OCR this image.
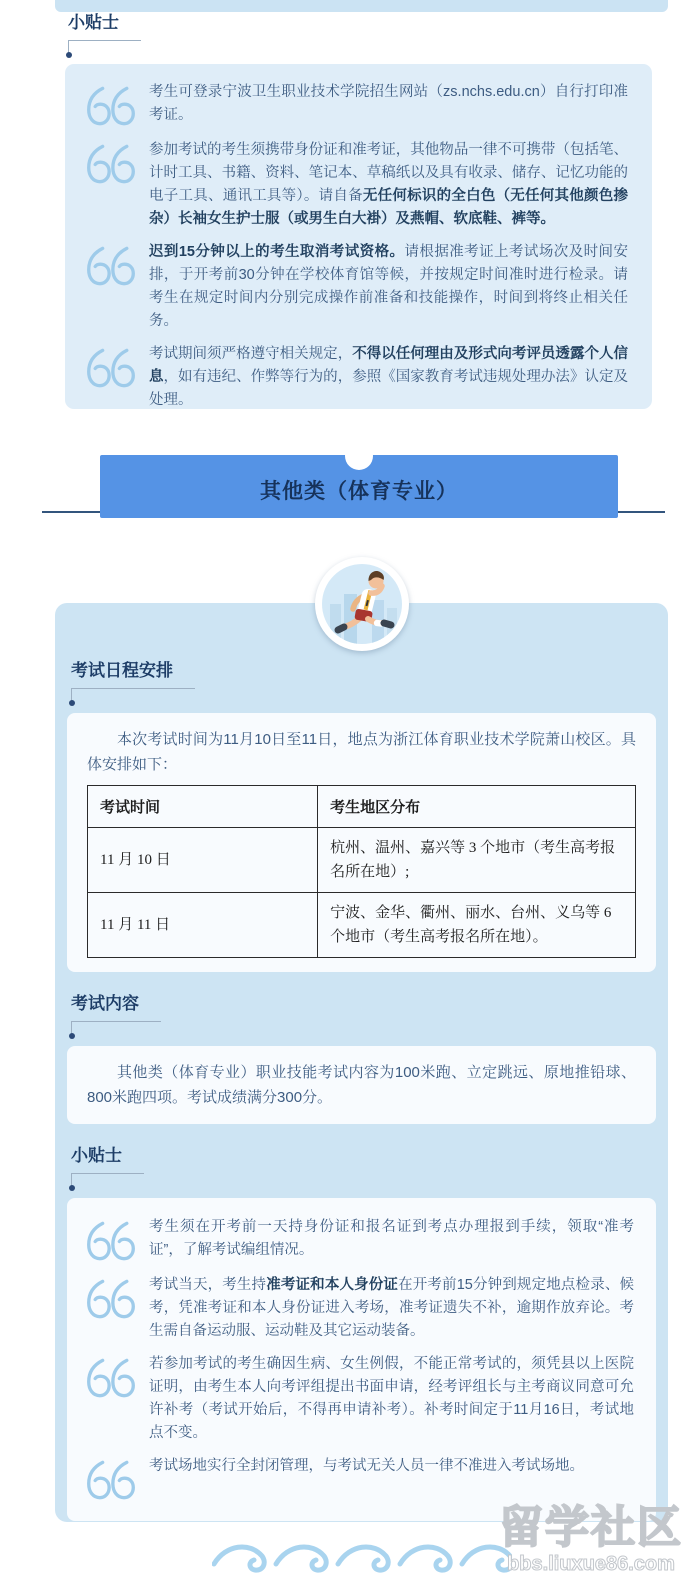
小贴士
考生可登录宁波卫生职业技术学院招生网站（zs.nchs.edu.cn）自行打印准考证。
参加考试的考生须携带身份证和准考证，其他物品一律不可携带（包括笔、计时工具、书籍、资料、笔记本、草稿纸以及具有收录、储存、记忆功能的电子工具、通讯工具等）。请自备无任何标识的全白色（无任何其他颜色掺杂）长袖女生护士服（或男生白大褂）及燕帽、软底鞋、裤等。
迟到15分钟以上的考生取消考试资格。请根据准考证上考试场次及时间安排，于开考前30分钟在学校体育馆等候，并按规定时间准时进行检录。请考生在规定时间内分别完成操作前准备和技能操作，时间到将终止相关任务。
考试期间须严格遵守相关规定，不得以任何理由及形式向考评员透露个人信息，如有违纪、作弊等行为的，参照《国家教育考试违规处理办法》认定及处理。
其他类（体育专业）
考试日程安排

本次考试时间为11月10日至11日，地点为浙江体育职业技术学院萧山校区。具体安排如下：

考试时间	考生地区分布
11 月 10 日	杭州、温州、嘉兴等 3 个地市（考生高考报名所在地）;
11 月 11 日	宁波、金华、衢州、丽水、台州、义乌等 6 个地市（考生高考报名所在地）。
考试内容

其他类（体育专业）职业技能考试内容为100米跑、立定跳远、原地推铅球、800米跑四项。考试成绩满分300分。

小贴士
考生须在开考前一天持身份证和报名证到考点办理报到手续，领取“准考证”，了解考试编组情况。
考试当天，考生持准考证和本人身份证在开考前15分钟到规定地点检录、候考，凭准考证和本人身份证进入考场，准考证遗失不补，逾期作放弃论。考生需自备运动服、运动鞋及其它运动装备。
若参加考试的考生确因生病、女生例假，不能正常考试的，须凭县以上医院证明，由考生本人向考评组提出书面申请，经考评组长与主考商议同意可允许补考（考试开始后，不得再申请补考）。补考时间定于11月16日，考试地点不变。
考试场地实行全封闭管理，与考试无关人员一律不准进入考试场地。
留学社区
bbs.liuxue86.com
